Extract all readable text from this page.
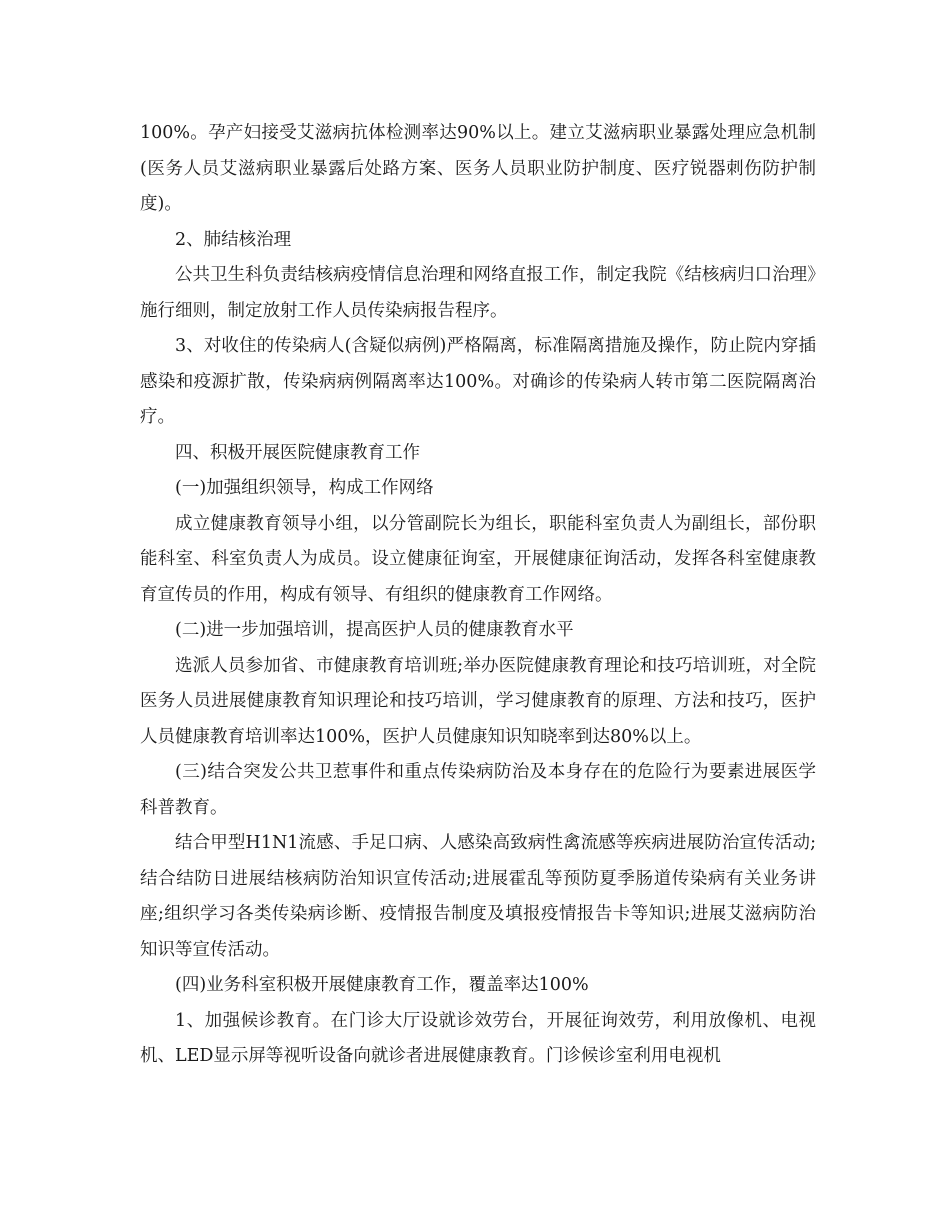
100%。孕产妇接受艾滋病抗体检测率达90%以上。建立艾滋病职业暴露处理应急机制(医务人员艾滋病职业暴露后处路方案、医务人员职业防护制度、医疗锐器刺伤防护制度)。

2、肺结核治理

公共卫生科负责结核病疫情信息治理和网络直报工作，制定我院《结核病归口治理》施行细则，制定放射工作人员传染病报告程序。

3、对收住的传染病人(含疑似病例)严格隔离，标准隔离措施及操作，防止院内穿插感染和疫源扩散，传染病病例隔离率达100%。对确诊的传染病人转市第二医院隔离治疗。

四、积极开展医院健康教育工作

(一)加强组织领导，构成工作网络

成立健康教育领导小组，以分管副院长为组长，职能科室负责人为副组长，部份职能科室、科室负责人为成员。设立健康征询室，开展健康征询活动，发挥各科室健康教育宣传员的作用，构成有领导、有组织的健康教育工作网络。

(二)进一步加强培训，提高医护人员的健康教育水平

选派人员参加省、市健康教育培训班;举办医院健康教育理论和技巧培训班，对全院医务人员进展健康教育知识理论和技巧培训，学习健康教育的原理、方法和技巧，医护人员健康教育培训率达100%，医护人员健康知识知晓率到达80%以上。

(三)结合突发公共卫惹事件和重点传染病防治及本身存在的危险行为要素进展医学科普教育。

结合甲型H1N1流感、手足口病、人感染高致病性禽流感等疾病进展防治宣传活动;结合结防日进展结核病防治知识宣传活动;进展霍乱等预防夏季肠道传染病有关业务讲座;组织学习各类传染病诊断、疫情报告制度及填报疫情报告卡等知识;进展艾滋病防治知识等宣传活动。

(四)业务科室积极开展健康教育工作，覆盖率达100%

1、加强候诊教育。在门诊大厅设就诊效劳台，开展征询效劳，利用放像机、电视机、LED显示屏等视听设备向就诊者进展健康教育。门诊候诊室利用电视机
